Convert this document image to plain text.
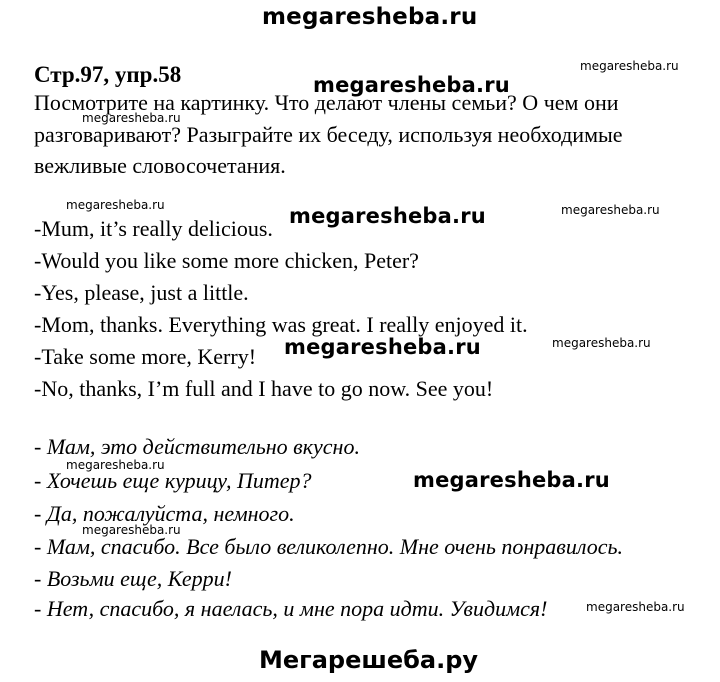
megaresheba.ru
Стр.97, упр.58	megaresheba.ru
megaresheba.ru
Посмотрите на картинку. Что делают члены семьи? О чем они
megaresheba.ru
разговаривают? Разыграйте их беседу, используя необходимые
вежливые словосочетания.
megaresheba.ru	megaresheba.ru	megaresheba.ru
-Mum, it’s really delicious.
-Would you like some more chicken, Peter?
-Yes, please, just a little.
-Mom, thanks. Everything was great. I really enjoyed it.
-Take some more, Kerry! megaresheba.ru	megaresheba.ru
-No, thanks, I’m full and I have to go now. See you!
- Мам, это действительно вкусно.
megaresheba.ru
- Хочешь еще курицу, Питер?	megaresheba.ru
- Да, пожалуйста, немного.
megaresheba.ru
- Мам, спасибо. Все было великолепно. Мне очень понравилось.
- Возьми еще, Керри!
- Нет, спасибо, я наелась, и мне пора идти. Увидимся!	megaresheba.ru
Мегарешеба.ру
